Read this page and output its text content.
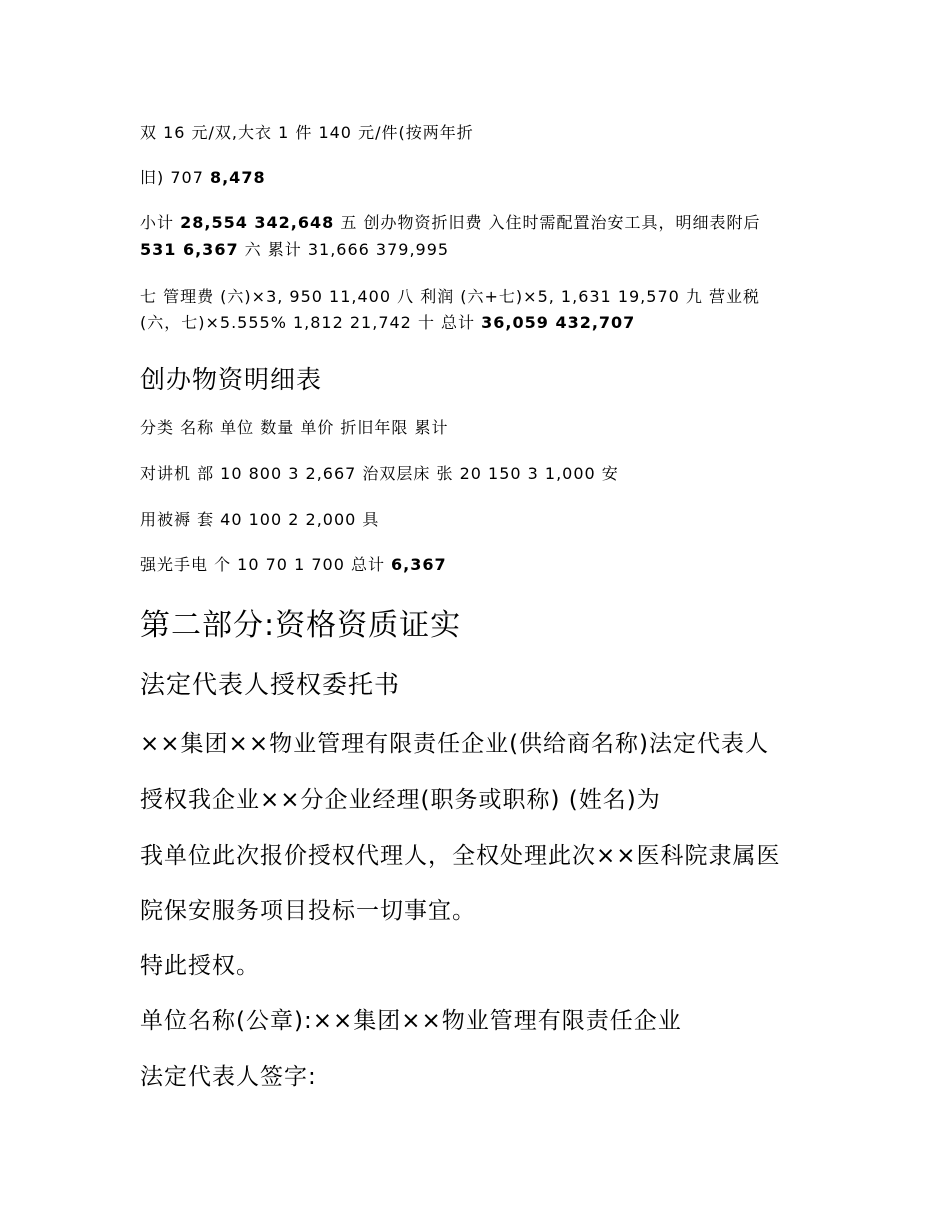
双 16 元/双,大衣 1 件 140 元/件(按两年折
旧) 707 8,478
小计 28,554 342,648 五 创办物资折旧费 入住时需配置治安工具，明细表附后
531 6,367 六 累计 31,666 379,995
七 管理费 (六)×3, 950 11,400 八 利润 (六+七)×5, 1,631 19,570 九 营业税
(六，七)×5.555% 1,812 21,742 十 总计 36,059 432,707
创办物资明细表
分类 名称 单位 数量 单价 折旧年限 累计
对讲机 部 10 800 3 2,667 治双层床 张 20 150 3 1,000 安
用被褥 套 40 100 2 2,000 具
强光手电 个 10 70 1 700 总计 6,367
第二部分:资格资质证实
法定代表人授权委托书
××集团××物业管理有限责任企业(供给商名称)法定代表人
授权我企业××分企业经理(职务或职称) (姓名)为
我单位此次报价授权代理人，全权处理此次××医科院隶属医
院保安服务项目投标一切事宜。
特此授权。
单位名称(公章):××集团××物业管理有限责任企业
法定代表人签字:
